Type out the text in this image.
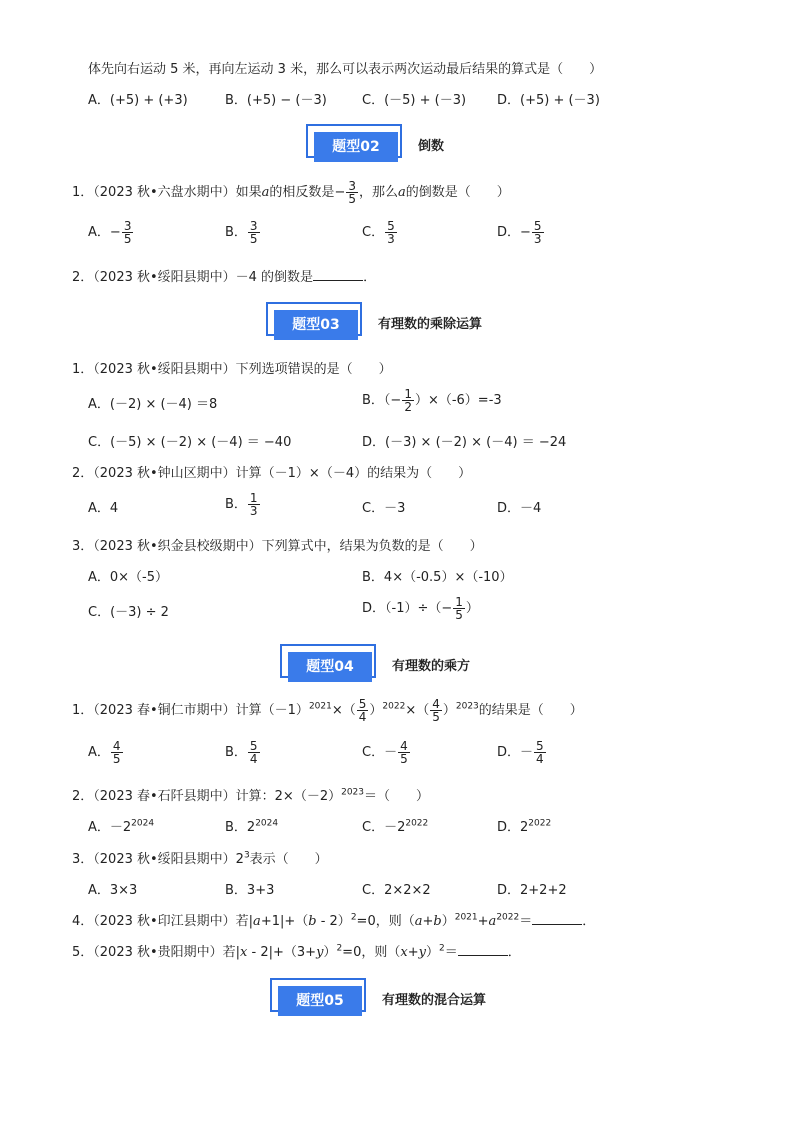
体先向右运动 5 米，再向左运动 3 米，那么可以表示两次运动最后结果的算式是（　　）
A．(+5) + (+3)	B．(+5) − (－3)	C．(－5) + (－3) D．(+5) + (－3)
题型02	倒数
1．（2023 秋•六盘水期中）如果a的相反数是− $\frac{3}{5}$ ，那么a的倒数是（　　）
A．− $\frac{3}{5}$	B． $\frac{3}{5}$	C． $\frac{5}{3}$	D．− $\frac{5}{3}$
2．（2023 秋•绥阳县期中）－4 的倒数是	．
题型03	有理数的乘除运算
1．（2023 秋•绥阳县期中）下列选项错误的是（　　）
A．(－2) × (－4) ＝8	B．（− $\frac{1}{2} )\times(-6)=-3$
C．(－5) × (－2) × (－4) ＝ −40	D．(－3) × (－2) × (－4) ＝ −24
2．（2023 秋•钟山区期中）计算（－1）×（－4）的结果为（　　）
A．4	B． $\frac{1}{3}$	C．－3	D．－4
3．（2023 秋•织金县校级期中）下列算式中，结果为负数的是（　　）
A．0×（-5）	B．4×（-0.5）×（-10）
C．(－3) ÷ 2	D．$(-1)\div(- \frac{1}{5}$ ）
题型04	有理数的乘方
1．（2023 春•铜仁市期中）计算$(-1)^{2021}\times( \frac{5}{4} )^{2022}\times( \frac{4}{5} )^{2023}$的结果是（　　）
A． $\frac{4}{5}$	B． $\frac{5}{4}$	C．－ $\frac{4}{5}$	D．－ $\frac{5}{4}$
2．（2023 春•石阡县期中）计算：$2\times(-2)^{2023}=$（　　）
A．$-2^{2024}$	B．$2^{2024}$	C．$-2^{2022}$	D．$2^{2022}$
3．（2023 秋•绥阳县期中）$2^3$表示（　　）
A．3×3	B．3+3	C．2×2×2	D．2+2+2
4．（2023 秋•印江县期中）若|a+1|+（b - 2）$^2$=0，则$(a+b)^{2021}+a^{2022}=$	．
5．（2023 秋•贵阳期中）若$|x - 2|+(3+y)^2=0$，则$(x+y)^2=$	．
题型05	有理数的混合运算
